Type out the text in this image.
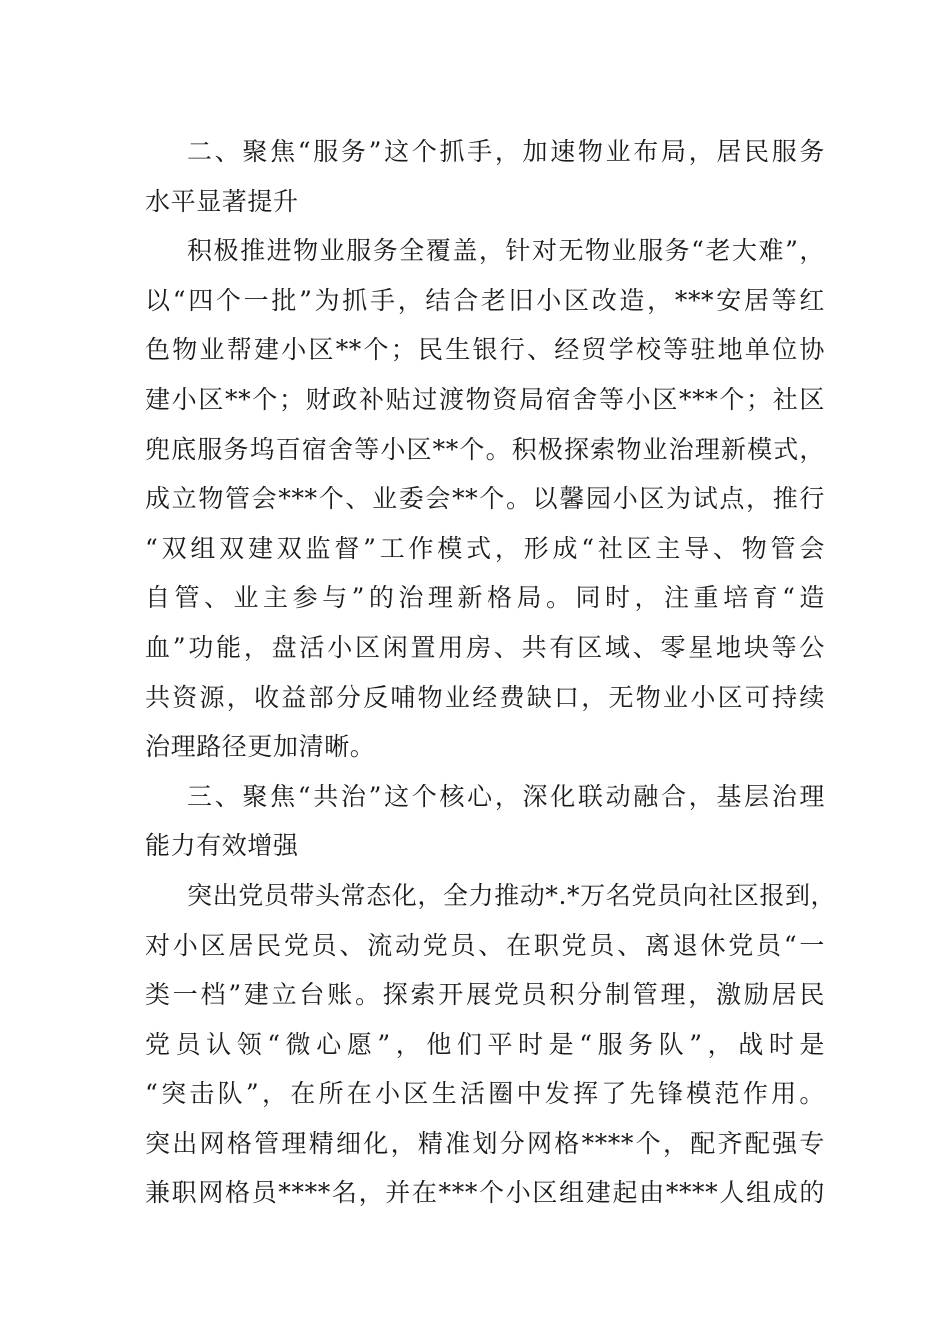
二、聚焦“服务”这个抓手，加速物业布局，居民服务
水平显著提升
积极推进物业服务全覆盖，针对无物业服务“老大难”，
以“四个一批”为抓手，结合老旧小区改造，***安居等红
色物业帮建小区**个；民生银行、经贸学校等驻地单位协
建小区**个；财政补贴过渡物资局宿舍等小区***个；社区
兜底服务坞百宿舍等小区**个。积极探索物业治理新模式，
成立物管会***个、业委会**个。以馨园小区为试点，推行
“双组双建双监督”工作模式，形成“社区主导、物管会
自管、业主参与”的治理新格局。同时，注重培育“造
血”功能，盘活小区闲置用房、共有区域、零星地块等公
共资源，收益部分反哺物业经费缺口，无物业小区可持续
治理路径更加清晰。
三、聚焦“共治”这个核心，深化联动融合，基层治理
能力有效增强
突出党员带头常态化，全力推动*.*万名党员向社区报到，
对小区居民党员、流动党员、在职党员、离退休党员“一
类一档”建立台账。探索开展党员积分制管理，激励居民
党员认领“微心愿”，他们平时是“服务队”，战时是
“突击队”，在所在小区生活圈中发挥了先锋模范作用。
突出网格管理精细化，精准划分网格****个，配齐配强专
兼职网格员****名，并在***个小区组建起由****人组成的
